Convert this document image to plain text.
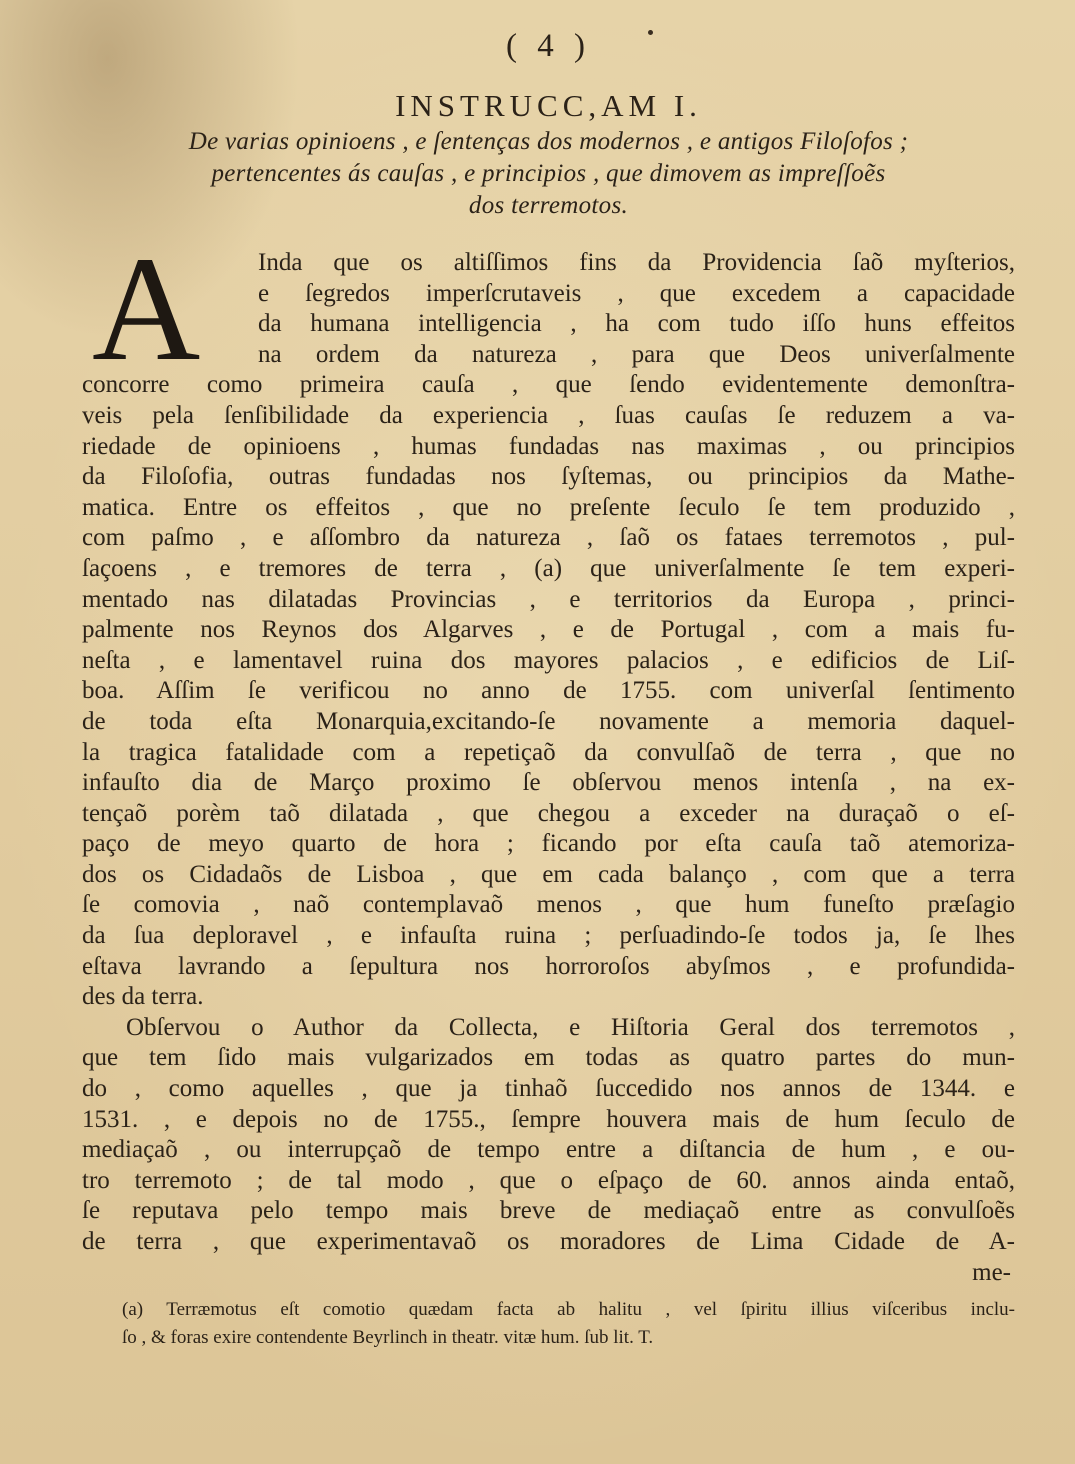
( 4 )
INSTRUCC,AM I.
De varias opinioens , e ſentenças dos modernos , e antigos Filoſofos ;
pertencentes ás cauſas , e principios , que dimovem as impreſſoẽs
dos terremotos.
A Inda que os altiſſimos fins da Providencia ſaõ myſterios,
e ſegredos imperſcrutaveis , que excedem a capacidade
da humana intelligencia , ha com tudo iſſo huns effeitos
na ordem da natureza , para que Deos univerſalmente
concorre como primeira cauſa , que ſendo evidentemente demonſtra-
veis pela ſenſibilidade da experiencia , ſuas cauſas ſe reduzem a va-
riedade de opinioens , humas fundadas nas maximas , ou principios
da Filoſofia, outras fundadas nos ſyſtemas, ou principios da Mathe-
matica. Entre os effeitos , que no preſente ſeculo ſe tem produzido ,
com paſmo , e aſſombro da natureza , ſaõ os fataes terremotos , pul-
ſaçoens , e tremores de terra , (a) que univerſalmente ſe tem experi-
mentado nas dilatadas Provincias , e territorios da Europa , princi-
palmente nos Reynos dos Algarves , e de Portugal , com a mais fu-
neſta , e lamentavel ruina dos mayores palacios , e edificios de Liſ-
boa. Aſſim ſe verificou no anno de 1755. com univerſal ſentimento
de toda eſta Monarquia,excitando-ſe novamente a memoria daquel-
la tragica fatalidade com a repetiçaõ da convulſaõ de terra , que no
infauſto dia de Março proximo ſe obſervou menos intenſa , na ex-
tençaõ porèm taõ dilatada , que chegou a exceder na duraçaõ o eſ-
paço de meyo quarto de hora ; ficando por eſta cauſa taõ atemoriza-
dos os Cidadaõs de Lisboa , que em cada balanço , com que a terra
ſe comovia , naõ contemplavaõ menos , que hum funeſto præſagio
da ſua deploravel , e infauſta ruina ; perſuadindo-ſe todos ja, ſe lhes
eſtava lavrando a ſepultura nos horroroſos abyſmos , e profundida-
des da terra.
Obſervou o Author da Collecta, e Hiſtoria Geral dos terremotos ,
que tem ſido mais vulgarizados em todas as quatro partes do mun-
do , como aquelles , que ja tinhaõ ſuccedido nos annos de 1344. e
1531. , e depois no de 1755., ſempre houvera mais de hum ſeculo de
mediaçaõ , ou interrupçaõ de tempo entre a diſtancia de hum , e ou-
tro terremoto ; de tal modo , que o eſpaço de 60. annos ainda entaõ,
ſe reputava pelo tempo mais breve de mediaçaõ entre as convulſoẽs
de terra , que experimentavaõ os moradores de Lima Cidade de A-
me-
(a) Terræmotus eſt comotio quædam facta ab halitu , vel ſpiritu illius viſceribus inclu-
ſo , & foras exire contendente Beyrlinch in theatr. vitæ hum. ſub lit. T.
